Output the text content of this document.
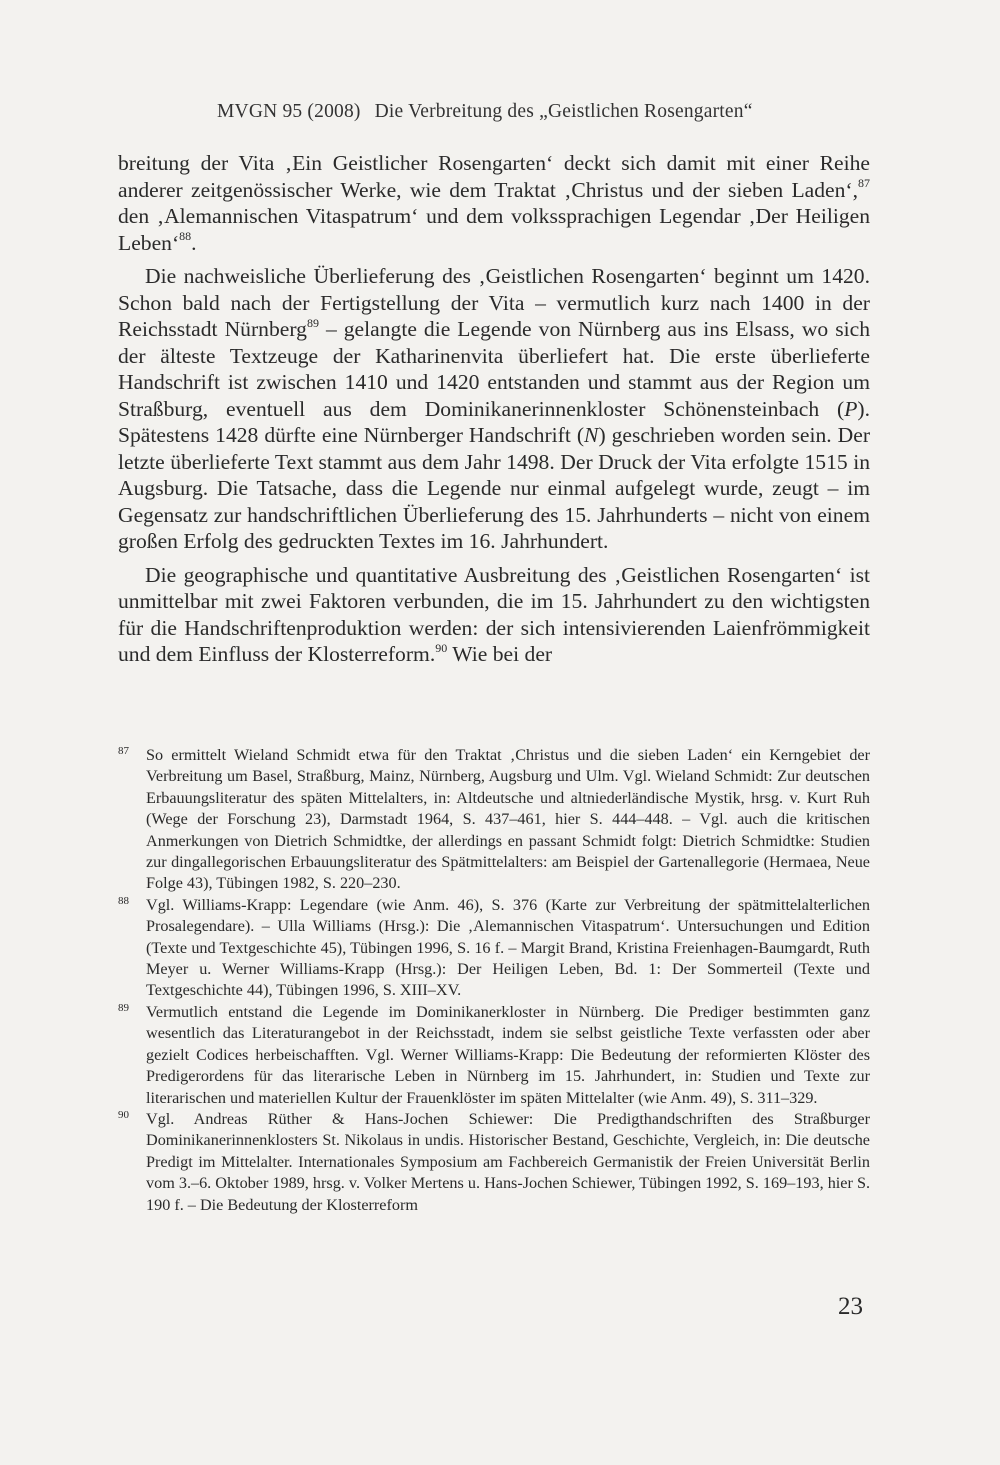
MVGN 95 (2008) Die Verbreitung des „Geistlichen Rosengarten“

breitung der Vita ‚Ein Geistlicher Rosengarten‘ deckt sich damit mit einer Reihe anderer zeitgenössischer Werke, wie dem Traktat ‚Christus und der sieben Laden‘,$^{87}$ den ‚Alemannischen Vitaspatrum‘ und dem volkssprachigen Legendar ‚Der Heiligen Leben‘$^{88}$.

Die nachweisliche Überlieferung des ‚Geistlichen Rosengarten‘ beginnt um 1420. Schon bald nach der Fertigstellung der Vita – vermutlich kurz nach 1400 in der Reichsstadt Nürnberg$^{89}$ – gelangte die Legende von Nürnberg aus ins Elsass, wo sich der älteste Textzeuge der Katharinenvita überliefert hat. Die erste überlieferte Handschrift ist zwischen 1410 und 1420 entstanden und stammt aus der Region um Straßburg, eventuell aus dem Dominikanerinnenkloster Schönensteinbach (P). Spätestens 1428 dürfte eine Nürnberger Handschrift (N) geschrieben worden sein. Der letzte überlieferte Text stammt aus dem Jahr 1498. Der Druck der Vita erfolgte 1515 in Augsburg. Die Tatsache, dass die Legende nur einmal aufgelegt wurde, zeugt – im Gegensatz zur handschriftlichen Überlieferung des 15. Jahrhunderts – nicht von einem großen Erfolg des gedruckten Textes im 16. Jahrhundert.

Die geographische und quantitative Ausbreitung des ‚Geistlichen Rosengarten‘ ist unmittelbar mit zwei Faktoren verbunden, die im 15. Jahrhundert zu den wichtigsten für die Handschriftenproduktion werden: der sich intensivierenden Laienfrömmigkeit und dem Einfluss der Klosterreform.$^{90}$ Wie bei der

87 So ermittelt Wieland Schmidt etwa für den Traktat ‚Christus und die sieben Laden‘ ein Kerngebiet der Verbreitung um Basel, Straßburg, Mainz, Nürnberg, Augsburg und Ulm. Vgl. Wieland Schmidt: Zur deutschen Erbauungsliteratur des späten Mittelalters, in: Altdeutsche und altniederländische Mystik, hrsg. v. Kurt Ruh (Wege der Forschung 23), Darmstadt 1964, S. 437–461, hier S. 444–448. – Vgl. auch die kritischen Anmerkungen von Dietrich Schmidtke, der allerdings en passant Schmidt folgt: Dietrich Schmidtke: Studien zur dingallegorischen Erbauungsliteratur des Spätmittelalters: am Beispiel der Gartenallegorie (Hermaea, Neue Folge 43), Tübingen 1982, S. 220–230.

88 Vgl. Williams-Krapp: Legendare (wie Anm. 46), S. 376 (Karte zur Verbreitung der spätmittelalterlichen Prosalegendare). – Ulla Williams (Hrsg.): Die ‚Alemannischen Vitaspatrum‘. Untersuchungen und Edition (Texte und Textgeschichte 45), Tübingen 1996, S. 16 f. – Margit Brand, Kristina Freienhagen-Baumgardt, Ruth Meyer u. Werner Williams-Krapp (Hrsg.): Der Heiligen Leben, Bd. 1: Der Sommerteil (Texte und Textgeschichte 44), Tübingen 1996, S. XIII–XV.

89 Vermutlich entstand die Legende im Dominikanerkloster in Nürnberg. Die Prediger bestimmten ganz wesentlich das Literaturangebot in der Reichsstadt, indem sie selbst geistliche Texte verfassten oder aber gezielt Codices herbeischafften. Vgl. Werner Williams-Krapp: Die Bedeutung der reformierten Klöster des Predigerordens für das literarische Leben in Nürnberg im 15. Jahrhundert, in: Studien und Texte zur literarischen und materiellen Kultur der Frauenklöster im späten Mittelalter (wie Anm. 49), S. 311–329.

90 Vgl. Andreas Rüther & Hans-Jochen Schiewer: Die Predigthandschriften des Straßburger Dominikanerinnenklosters St. Nikolaus in undis. Historischer Bestand, Geschichte, Vergleich, in: Die deutsche Predigt im Mittelalter. Internationales Symposium am Fachbereich Germanistik der Freien Universität Berlin vom 3.–6. Oktober 1989, hrsg. v. Volker Mertens u. Hans-Jochen Schiewer, Tübingen 1992, S. 169–193, hier S. 190 f. – Die Bedeutung der Klosterreform

23
